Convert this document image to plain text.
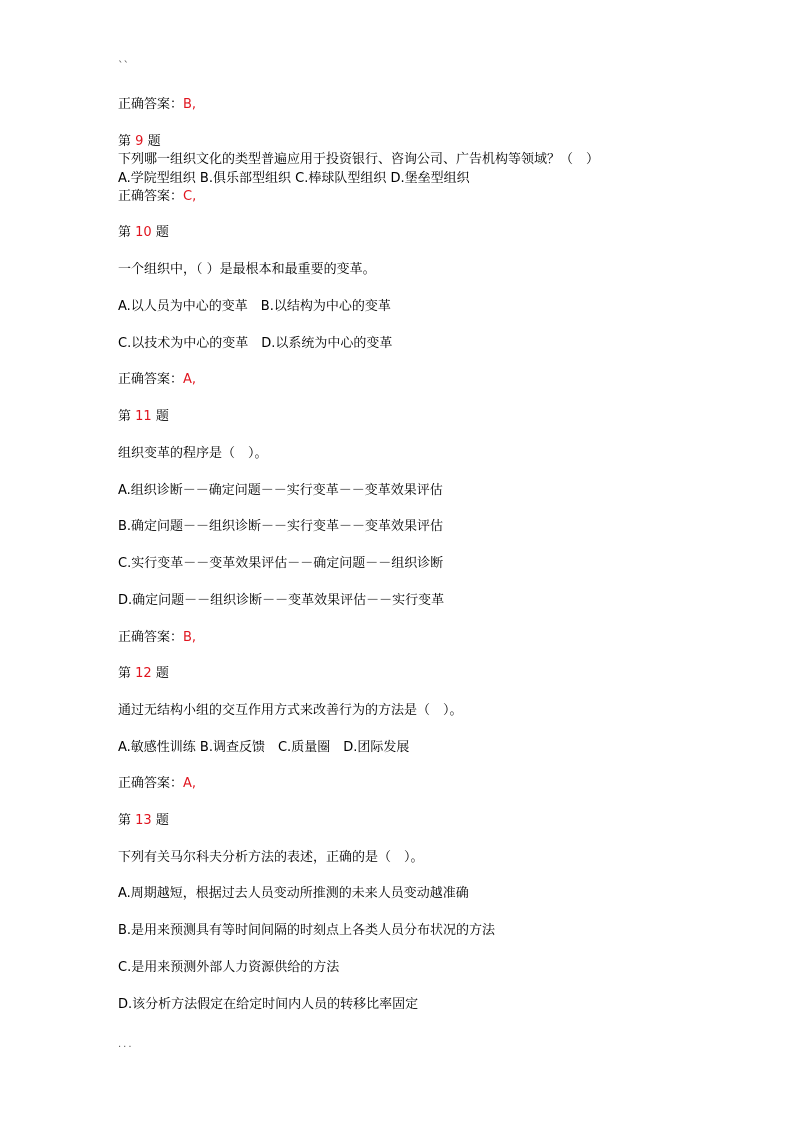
``
正确答案：B,
第 9 题
下列哪一组织文化的类型普遍应用于投资银行、咨询公司、广告机构等领域？（　）
A.学院型组织 B.俱乐部型组织 C.棒球队型组织 D.堡垒型组织
正确答案：C,
第 10 题
一个组织中，（ ）是最根本和最重要的变革。
A.以人员为中心的变革　B.以结构为中心的变革
C.以技术为中心的变革　D.以系统为中心的变革
正确答案：A,
第 11 题
组织变革的程序是（　）。
A.组织诊断－－确定问题－－实行变革－－变革效果评估
B.确定问题－－组织诊断－－实行变革－－变革效果评估
C.实行变革－－变革效果评估－－确定问题－－组织诊断
D.确定问题－－组织诊断－－变革效果评估－－实行变革
正确答案：B,
第 12 题
通过无结构小组的交互作用方式来改善行为的方法是（　）。
A.敏感性训练 B.调查反馈　C.质量圈　D.团际发展
正确答案：A,
第 13 题
下列有关马尔科夫分析方法的表述，正确的是（　）。
A.周期越短，根据过去人员变动所推测的未来人员变动越准确
B.是用来预测具有等时间间隔的时刻点上各类人员分布状况的方法
C.是用来预测外部人力资源供给的方法
D.该分析方法假定在给定时间内人员的转移比率固定
...
